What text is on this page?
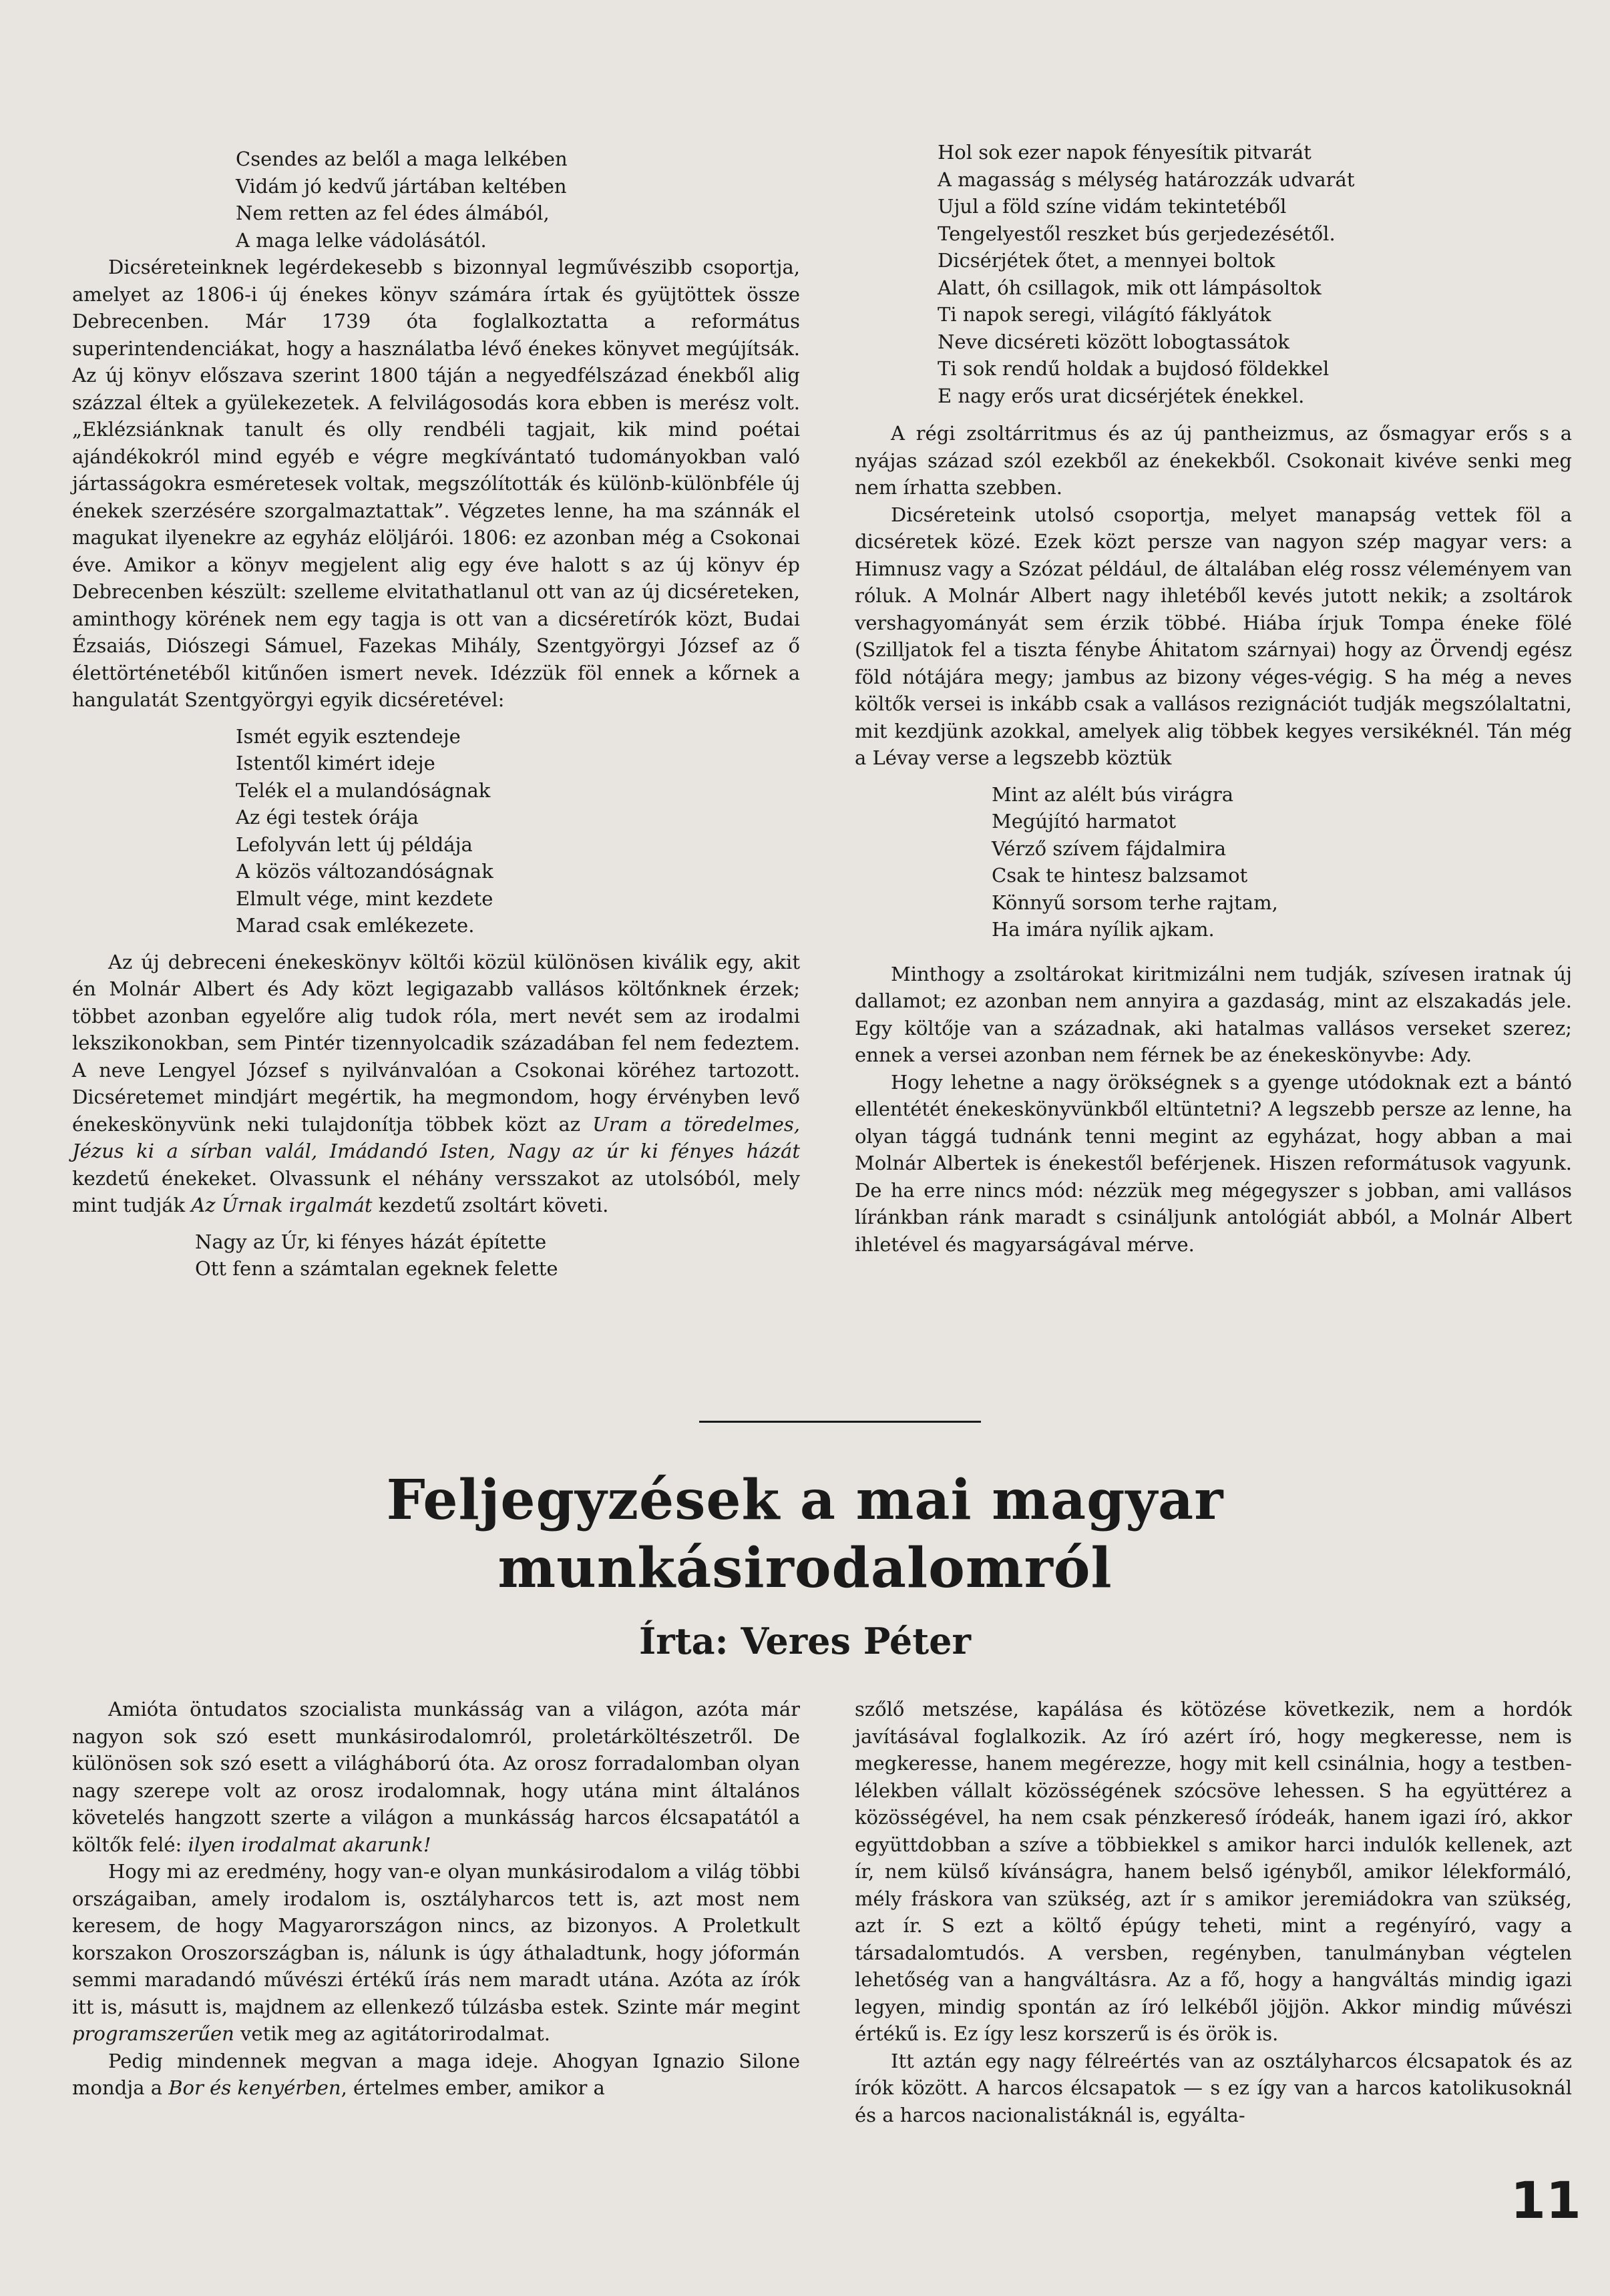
Csendes az belől a maga lelkében
Vidám jó kedvű jártában keltében
Nem retten az fel édes álmából,
A maga lelke vádolásától.

Dicséreteinknek legérdekesebb s bizonnyal legművészibb csoportja, amelyet az 1806-i új énekes könyv számára írtak és gyüjtöttek össze Debrecenben. Már 1739 óta foglalkoztatta a református superintendenciákat, hogy a használatba lévő énekes könyvet megújítsák. Az új könyv előszava szerint 1800 táján a negyedfélszázad énekből alig százzal éltek a gyülekezetek. A felvilágosodás kora ebben is merész volt. „Eklézsiánknak tanult és olly rendbéli tagjait, kik mind poétai ajándékokról mind egyéb e végre megkívántató tudományokban való jártasságokra esméretesek voltak, megszólították és különb-különbféle új énekek szerzésére szorgalmaztattak”. Végzetes lenne, ha ma szánnák el magukat ilyenekre az egyház elöljárói. 1806: ez azonban még a Csokonai éve. Amikor a könyv megjelent alig egy éve halott s az új könyv ép Debrecenben készült: szelleme elvitathatlanul ott van az új dicséreteken, aminthogy körének nem egy tagja is ott van a dicséretírók közt, Budai Ézsaiás, Diószegi Sámuel, Fazekas Mihály, Szentgyörgyi József az ő élettörténetéből kitűnően ismert nevek. Idézzük föl ennek a kőrnek a hangulatát Szentgyörgyi egyik dicséretével:

Ismét egyik esztendeje
Istentől kimért ideje
Telék el a mulandóságnak
Az égi testek órája
Lefolyván lett új példája
A közös változandóságnak
Elmult vége, mint kezdete
Marad csak emlékezete.

Az új debreceni énekeskönyv költői közül különösen kiválik egy, akit én Molnár Albert és Ady közt legigazabb vallásos költőnknek érzek; többet azonban egyelőre alig tudok róla, mert nevét sem az irodalmi lekszikonokban, sem Pintér tizennyolcadik századában fel nem fedeztem. A neve Lengyel József s nyilvánvalóan a Csokonai köréhez tartozott. Dicséretemet mindjárt megértik, ha megmondom, hogy érvényben levő énekeskönyvünk neki tulajdonítja többek közt az Uram a töredelmes, Jézus ki a sírban valál, Imádandó Isten, Nagy az úr ki fényes házát kezdetű énekeket. Olvassunk el néhány versszakot az utolsóból, mely mint tudják Az Úrnak irgalmát kezdetű zsoltárt követi.

Nagy az Úr, ki fényes házát építette
Ott fenn a számtalan egeknek felette
Hol sok ezer napok fényesítik pitvarát
A magasság s mélység határozzák udvarát
Ujul a föld színe vidám tekintetéből
Tengelyestől reszket bús gerjedezésétől.
Dicsérjétek őtet, a mennyei boltok
Alatt, óh csillagok, mik ott lámpásoltok
Ti napok seregi, világító fáklyátok
Neve dicséreti között lobogtassátok
Ti sok rendű holdak a bujdosó földekkel
E nagy erős urat dicsérjétek énekkel.

A régi zsoltárritmus és az új pantheizmus, az ősmagyar erős s a nyájas század szól ezekből az énekekből. Csokonait kivéve senki meg nem írhatta szebben.

Dicséreteink utolsó csoportja, melyet manapság vettek föl a dicséretek közé. Ezek közt persze van nagyon szép magyar vers: a Himnusz vagy a Szózat például, de általában elég rossz véleményem van róluk. A Molnár Albert nagy ihletéből kevés jutott nekik; a zsoltárok vershagyományát sem érzik többé. Hiába írjuk Tompa éneke fölé (Szilljatok fel a tiszta fénybe Áhitatom szárnyai) hogy az Örvendj egész föld nótájára megy; jambus az bizony véges-végig. S ha még a neves költők versei is inkább csak a vallásos rezignációt tudják megszólaltatni, mit kezdjünk azokkal, amelyek alig többek kegyes versikéknél. Tán még a Lévay verse a legszebb köztük

Mint az alélt bús virágra
Megújító harmatot
Vérző szívem fájdalmira
Csak te hintesz balzsamot
Könnyű sorsom terhe rajtam,
Ha imára nyílik ajkam.

Minthogy a zsoltárokat kiritmizálni nem tudják, szívesen iratnak új dallamot; ez azonban nem annyira a gazdaság, mint az elszakadás jele. Egy költője van a századnak, aki hatalmas vallásos verseket szerez; ennek a versei azonban nem férnek be az énekeskönyvbe: Ady.

Hogy lehetne a nagy örökségnek s a gyenge utódoknak ezt a bántó ellentétét énekeskönyvünkből eltüntetni? A legszebb persze az lenne, ha olyan tággá tudnánk tenni megint az egyházat, hogy abban a mai Molnár Albertek is énekestől beférjenek. Hiszen reformátusok vagyunk. De ha erre nincs mód: nézzük meg mégegyszer s jobban, ami vallásos líránkban ránk maradt s csináljunk antológiát abból, a Molnár Albert ihletével és magyarságával mérve.

Feljegyzések a mai magyar
munkásirodalomról
Írta: Veres Péter

Amióta öntudatos szocialista munkásság van a világon, azóta már nagyon sok szó esett munkásirodalomról, proletárköltészetről. De különösen sok szó esett a világháború óta. Az orosz forradalomban olyan nagy szerepe volt az orosz irodalomnak, hogy utána mint általános követelés hangzott szerte a világon a munkásság harcos élcsapatától a költők felé: ilyen irodalmat akarunk!

Hogy mi az eredmény, hogy van-e olyan munkásirodalom a világ többi országaiban, amely irodalom is, osztályharcos tett is, azt most nem keresem, de hogy Magyarországon nincs, az bizonyos. A Proletkult korszakon Oroszországban is, nálunk is úgy áthaladtunk, hogy jóformán semmi maradandó művészi értékű írás nem maradt utána. Azóta az írók itt is, másutt is, majdnem az ellenkező túlzásba estek. Szinte már megint programszerűen vetik meg az agitátorirodalmat.

Pedig mindennek megvan a maga ideje. Ahogyan Ignazio Silone mondja a Bor és kenyérben, értelmes ember, amikor a

szőlő metszése, kapálása és kötözése következik, nem a hordók javításával foglalkozik. Az író azért író, hogy megkeresse, nem is megkeresse, hanem megérezze, hogy mit kell csinálnia, hogy a testben-lélekben vállalt közösségének szócsöve lehessen. S ha együttérez a közösségével, ha nem csak pénzkereső íródeák, hanem igazi író, akkor együttdobban a szíve a többiekkel s amikor harci indulók kellenek, azt ír, nem külső kívánságra, hanem belső igényből, amikor lélekformáló, mély fráskora van szükség, azt ír s amikor jeremiádokra van szükség, azt ír. S ezt a költő épúgy teheti, mint a regényíró, vagy a társadalomtudós. A versben, regényben, tanulmányban végtelen lehetőség van a hangváltásra. Az a fő, hogy a hangváltás mindig igazi legyen, mindig spontán az író lelkéből jöjjön. Akkor mindig művészi értékű is. Ez így lesz korszerű is és örök is.

Itt aztán egy nagy félreértés van az osztályharcos élcsapatok és az írók között. A harcos élcsapatok — s ez így van a harcos katolikusoknál és a harcos nacionalistáknál is, egyálta-

11
